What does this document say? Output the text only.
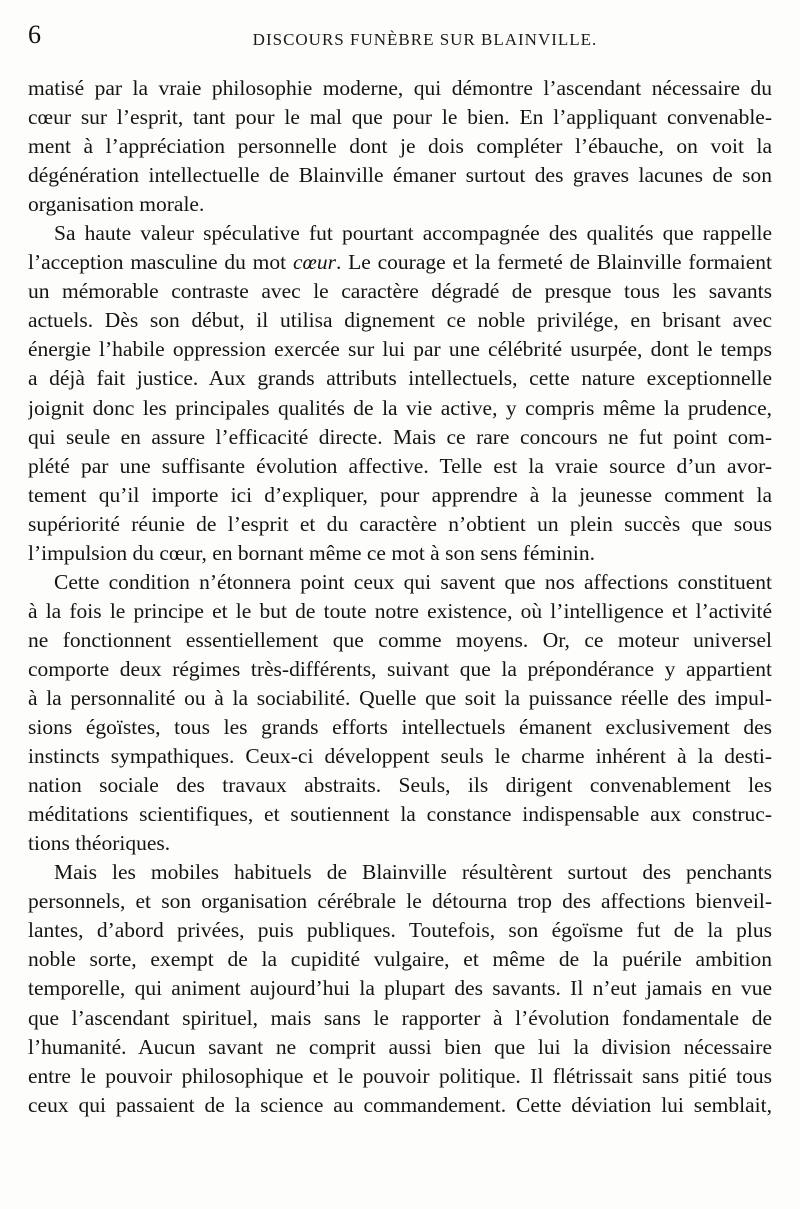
6	DISCOURS FUNÈBRE SUR BLAINVILLE.
matisé par la vraie philosophie moderne, qui démontre l’ascendant nécessaire du
cœur sur l’esprit, tant pour le mal que pour le bien. En l’appliquant convenable-
ment à l’appréciation personnelle dont je dois compléter l’ébauche, on voit la
dégénération intellectuelle de Blainville émaner surtout des graves lacunes de son
organisation morale.
Sa haute valeur spéculative fut pourtant accompagnée des qualités que rappelle
l’acception masculine du mot cœur. Le courage et la fermeté de Blainville formaient
un mémorable contraste avec le caractère dégradé de presque tous les savants
actuels. Dès son début, il utilisa dignement ce noble privilége, en brisant avec
énergie l’habile oppression exercée sur lui par une célébrité usurpée, dont le temps
a déjà fait justice. Aux grands attributs intellectuels, cette nature exceptionnelle
joignit donc les principales qualités de la vie active, y compris même la prudence,
qui seule en assure l’efficacité directe. Mais ce rare concours ne fut point com-
plété par une suffisante évolution affective. Telle est la vraie source d’un avor-
tement qu’il importe ici d’expliquer, pour apprendre à la jeunesse comment la
supériorité réunie de l’esprit et du caractère n’obtient un plein succès que sous
l’impulsion du cœur, en bornant même ce mot à son sens féminin.
Cette condition n’étonnera point ceux qui savent que nos affections constituent
à la fois le principe et le but de toute notre existence, où l’intelligence et l’activité
ne fonctionnent essentiellement que comme moyens. Or, ce moteur universel
comporte deux régimes très-différents, suivant que la prépondérance y appartient
à la personnalité ou à la sociabilité. Quelle que soit la puissance réelle des impul-
sions égoïstes, tous les grands efforts intellectuels émanent exclusivement des
instincts sympathiques. Ceux-ci développent seuls le charme inhérent à la desti-
nation sociale des travaux abstraits. Seuls, ils dirigent convenablement les
méditations scientifiques, et soutiennent la constance indispensable aux construc-
tions théoriques.
Mais les mobiles habituels de Blainville résultèrent surtout des penchants
personnels, et son organisation cérébrale le détourna trop des affections bienveil-
lantes, d’abord privées, puis publiques. Toutefois, son égoïsme fut de la plus
noble sorte, exempt de la cupidité vulgaire, et même de la puérile ambition
temporelle, qui animent aujourd’hui la plupart des savants. Il n’eut jamais en vue
que l’ascendant spirituel, mais sans le rapporter à l’évolution fondamentale de
l’humanité. Aucun savant ne comprit aussi bien que lui la division nécessaire
entre le pouvoir philosophique et le pouvoir politique. Il flétrissait sans pitié tous
ceux qui passaient de la science au commandement. Cette déviation lui semblait,
